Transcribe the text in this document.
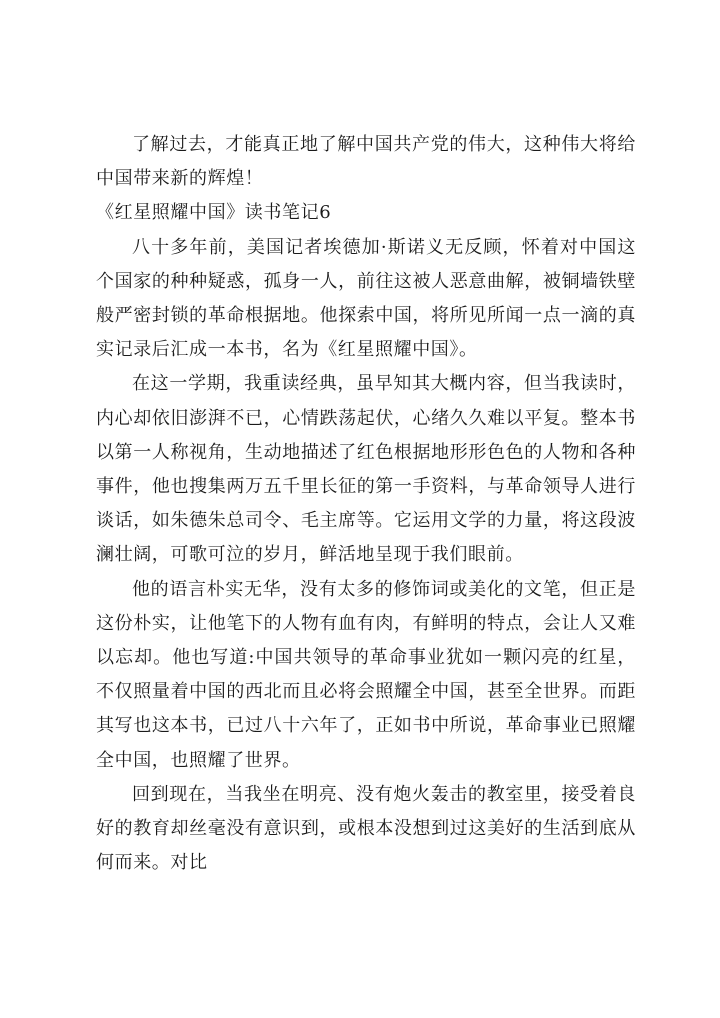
了解过去，才能真正地了解中国共产党的伟大，这种伟大将给中国带来新的辉煌！

《红星照耀中国》读书笔记6

八十多年前，美国记者埃德加·斯诺义无反顾，怀着对中国这个国家的种种疑惑，孤身一人，前往这被人恶意曲解，被铜墙铁壁般严密封锁的革命根据地。他探索中国，将所见所闻一点一滴的真实记录后汇成一本书，名为《红星照耀中国》。

在这一学期，我重读经典，虽早知其大概内容，但当我读时，内心却依旧澎湃不已，心情跌荡起伏，心绪久久难以平复。整本书以第一人称视角，生动地描述了红色根据地形形色色的人物和各种事件，他也搜集两万五千里长征的第一手资料，与革命领导人进行谈话，如朱德朱总司令、毛主席等。它运用文学的力量，将这段波澜壮阔，可歌可泣的岁月，鲜活地呈现于我们眼前。

他的语言朴实无华，没有太多的修饰词或美化的文笔，但正是这份朴实，让他笔下的人物有血有肉，有鲜明的特点，会让人又难以忘却。他也写道:中国共领导的革命事业犹如一颗闪亮的红星，不仅照量着中国的西北而且必将会照耀全中国，甚至全世界。而距其写也这本书，已过八十六年了，正如书中所说，革命事业已照耀全中国，也照耀了世界。

回到现在，当我坐在明亮、没有炮火轰击的教室里，接受着良好的教育却丝毫没有意识到，或根本没想到过这美好的生活到底从何而来。对比
